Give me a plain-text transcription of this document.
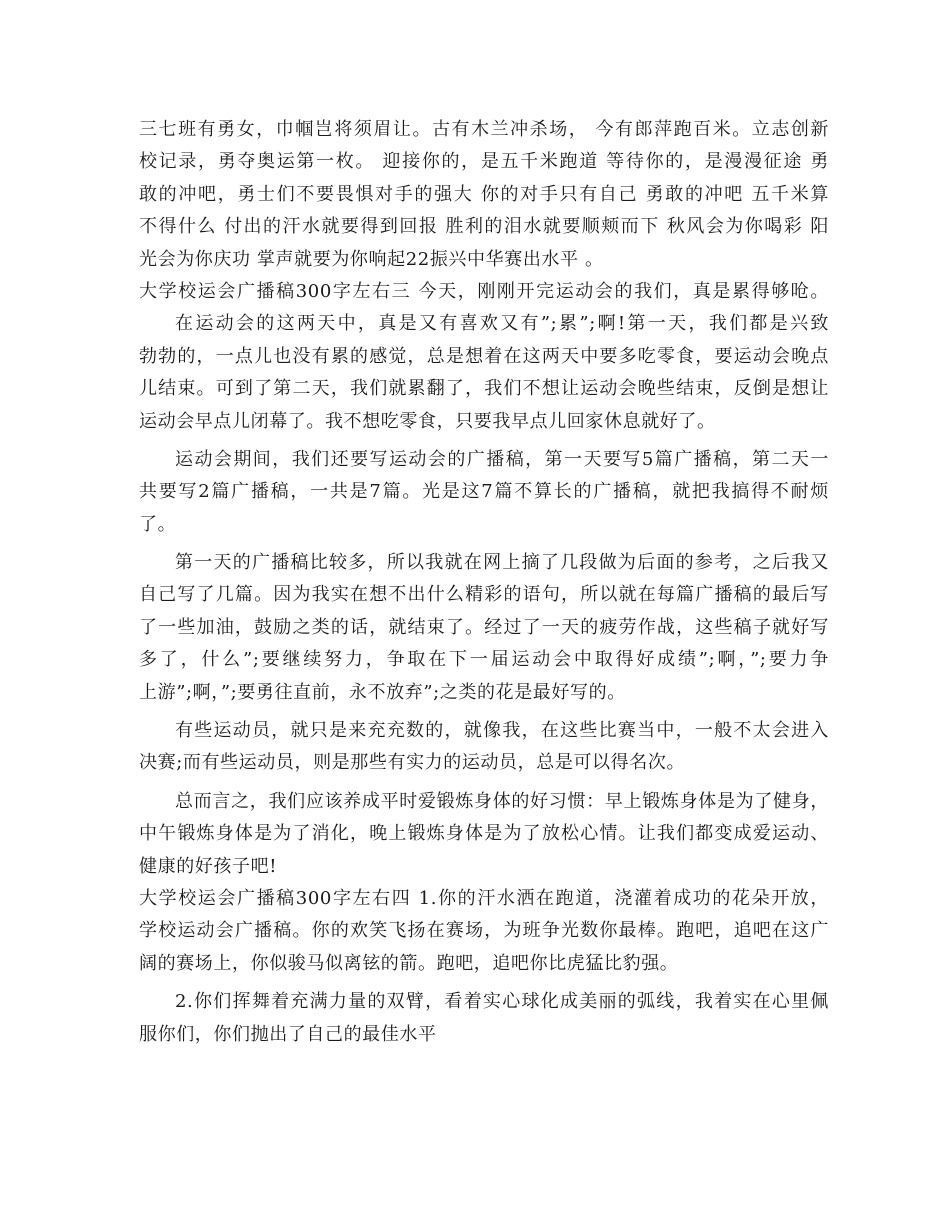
三七班有勇女，巾帼岂将须眉让。古有木兰冲杀场， 今有郎萍跑百米。立志创新
校记录，勇夺奥运第一枚。 迎接你的，是五千米跑道 等待你的，是漫漫征途 勇
敢的冲吧，勇士们不要畏惧对手的强大 你的对手只有自己 勇敢的冲吧 五千米算
不得什么 付出的汗水就要得到回报 胜利的泪水就要顺颊而下 秋风会为你喝彩 阳
光会为你庆功 掌声就要为你响起22振兴中华赛出水平 。
大学校运会广播稿300字左右三 今天，刚刚开完运动会的我们，真是累得够呛。
在运动会的这两天中，真是又有喜欢又有”;累”;啊!第一天，我们都是兴致
勃勃的，一点儿也没有累的感觉，总是想着在这两天中要多吃零食，要运动会晚点
儿结束。可到了第二天，我们就累翻了，我们不想让运动会晚些结束，反倒是想让
运动会早点儿闭幕了。我不想吃零食，只要我早点儿回家休息就好了。
运动会期间，我们还要写运动会的广播稿，第一天要写5篇广播稿，第二天一
共要写2篇广播稿，一共是7篇。光是这7篇不算长的广播稿，就把我搞得不耐烦
了。
第一天的广播稿比较多，所以我就在网上摘了几段做为后面的参考，之后我又
自己写了几篇。因为我实在想不出什么精彩的语句，所以就在每篇广播稿的最后写
了一些加油，鼓励之类的话，就结束了。经过了一天的疲劳作战，这些稿子就好写
多了，什么”;要继续努力，争取在下一届运动会中取得好成绩”;啊，”;要力争
上游”;啊，”;要勇往直前，永不放弃”;之类的花是最好写的。
有些运动员，就只是来充充数的，就像我，在这些比赛当中，一般不太会进入
决赛;而有些运动员，则是那些有实力的运动员，总是可以得名次。
总而言之，我们应该养成平时爱锻炼身体的好习惯：早上锻炼身体是为了健身，
中午锻炼身体是为了消化，晚上锻炼身体是为了放松心情。让我们都变成爱运动、
健康的好孩子吧!
大学校运会广播稿300字左右四 1.你的汗水洒在跑道，浇灌着成功的花朵开放，
学校运动会广播稿。你的欢笑飞扬在赛场，为班争光数你最棒。跑吧，追吧在这广
阔的赛场上，你似骏马似离铉的箭。跑吧，追吧你比虎猛比豹强。
2.你们挥舞着充满力量的双臂，看着实心球化成美丽的弧线，我着实在心里佩
服你们，你们抛出了自己的最佳水平
